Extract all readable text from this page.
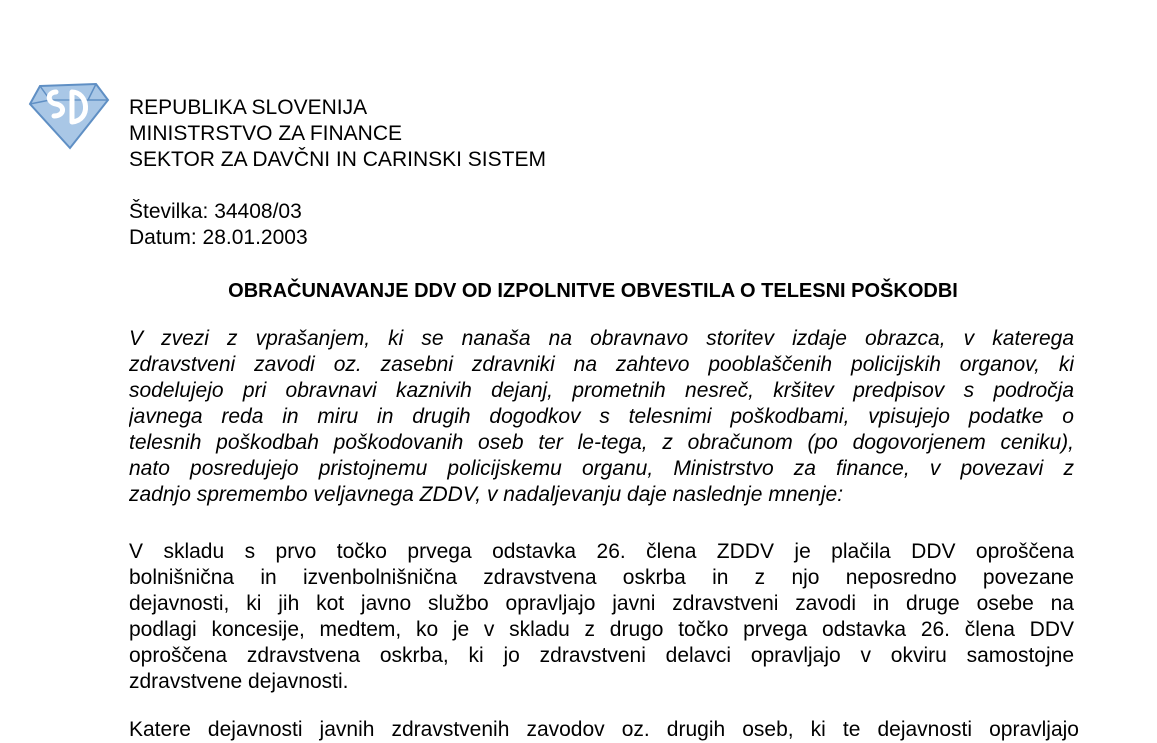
REPUBLIKA SLOVENIJA
MINISTRSTVO ZA FINANCE
SEKTOR ZA DAVČNI IN CARINSKI SISTEM
Številka: 34408/03
Datum: 28.01.2003
OBRAČUNAVANJE DDV OD IZPOLNITVE OBVESTILA O TELESNI POŠKODBI
V zvezi z vprašanjem, ki se nanaša na obravnavo storitev izdaje obrazca, v katerega
zdravstveni zavodi oz. zasebni zdravniki na zahtevo pooblaščenih policijskih organov, ki
sodelujejo pri obravnavi kaznivih dejanj, prometnih nesreč, kršitev predpisov s področja
javnega reda in miru in drugih dogodkov s telesnimi poškodbami, vpisujejo podatke o
telesnih poškodbah poškodovanih oseb ter le-tega, z obračunom (po dogovorjenem ceniku),
nato posredujejo pristojnemu policijskemu organu, Ministrstvo za finance, v povezavi z
zadnjo spremembo veljavnega ZDDV, v nadaljevanju daje naslednje mnenje:
V skladu s prvo točko prvega odstavka 26. člena ZDDV je plačila DDV oproščena
bolnišnična in izvenbolnišnična zdravstvena oskrba in z njo neposredno povezane
dejavnosti, ki jih kot javno službo opravljajo javni zdravstveni zavodi in druge osebe na
podlagi koncesije, medtem, ko je v skladu z drugo točko prvega odstavka 26. člena DDV
oproščena zdravstvena oskrba, ki jo zdravstveni delavci opravljajo v okviru samostojne
zdravstvene dejavnosti.
Katere dejavnosti javnih zdravstvenih zavodov oz. drugih oseb, ki te dejavnosti opravljajo
